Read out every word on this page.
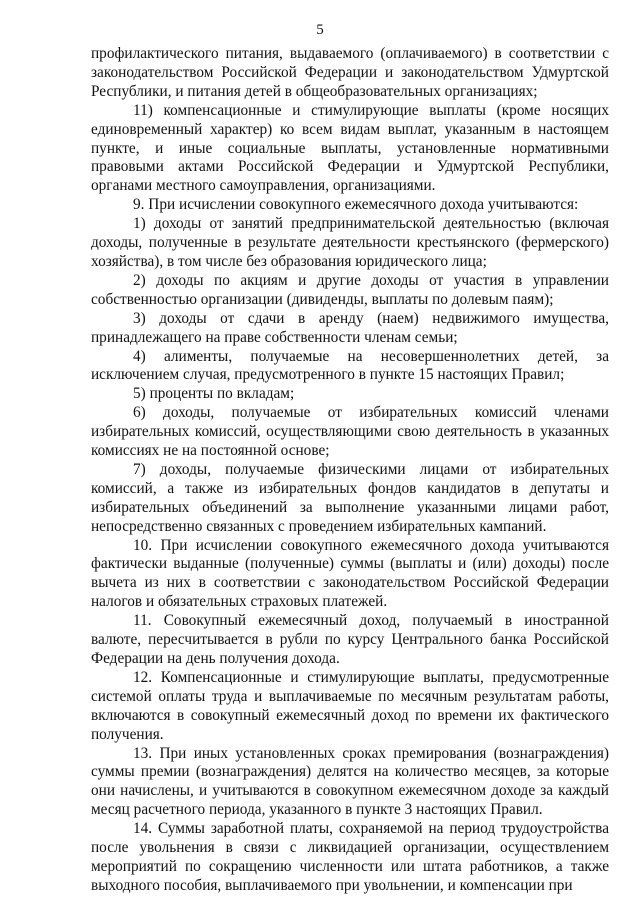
5

профилактического питания, выдаваемого (оплачиваемого) в соответствии с законодательством Российской Федерации и законодательством Удмуртской Республики, и питания детей в общеобразовательных организациях;

11) компенсационные и стимулирующие выплаты (кроме носящих единовременный характер) ко всем видам выплат, указанным в настоящем пункте, и иные социальные выплаты, установленные нормативными правовыми актами Российской Федерации и Удмуртской Республики, органами местного самоуправления, организациями.

9. При исчислении совокупного ежемесячного дохода учитываются:

1) доходы от занятий предпринимательской деятельностью (включая доходы, полученные в результате деятельности крестьянского (фермерского) хозяйства), в том числе без образования юридического лица;

2) доходы по акциям и другие доходы от участия в управлении собственностью организации (дивиденды, выплаты по долевым паям);

3) доходы от сдачи в аренду (наем) недвижимого имущества, принадлежащего на праве собственности членам семьи;

4) алименты, получаемые на несовершеннолетних детей, за исключением случая, предусмотренного в пункте 15 настоящих Правил;

5) проценты по вкладам;

6) доходы, получаемые от избирательных комиссий членами избирательных комиссий, осуществляющими свою деятельность в указанных комиссиях не на постоянной основе;

7) доходы, получаемые физическими лицами от избирательных комиссий, а также из избирательных фондов кандидатов в депутаты и избирательных объединений за выполнение указанными лицами работ, непосредственно связанных с проведением избирательных кампаний.

10. При исчислении совокупного ежемесячного дохода учитываются фактически выданные (полученные) суммы (выплаты и (или) доходы) после вычета из них в соответствии с законодательством Российской Федерации налогов и обязательных страховых платежей.

11. Совокупный ежемесячный доход, получаемый в иностранной валюте, пересчитывается в рубли по курсу Центрального банка Российской Федерации на день получения дохода.

12. Компенсационные и стимулирующие выплаты, предусмотренные системой оплаты труда и выплачиваемые по месячным результатам работы, включаются в совокупный ежемесячный доход по времени их фактического получения.

13. При иных установленных сроках премирования (вознаграждения) суммы премии (вознаграждения) делятся на количество месяцев, за которые они начислены, и учитываются в совокупном ежемесячном доходе за каждый месяц расчетного периода, указанного в пункте 3 настоящих Правил.

14. Суммы заработной платы, сохраняемой на период трудоустройства после увольнения в связи с ликвидацией организации, осуществлением мероприятий по сокращению численности или штата работников, а также выходного пособия, выплачиваемого при увольнении, и компенсации при
